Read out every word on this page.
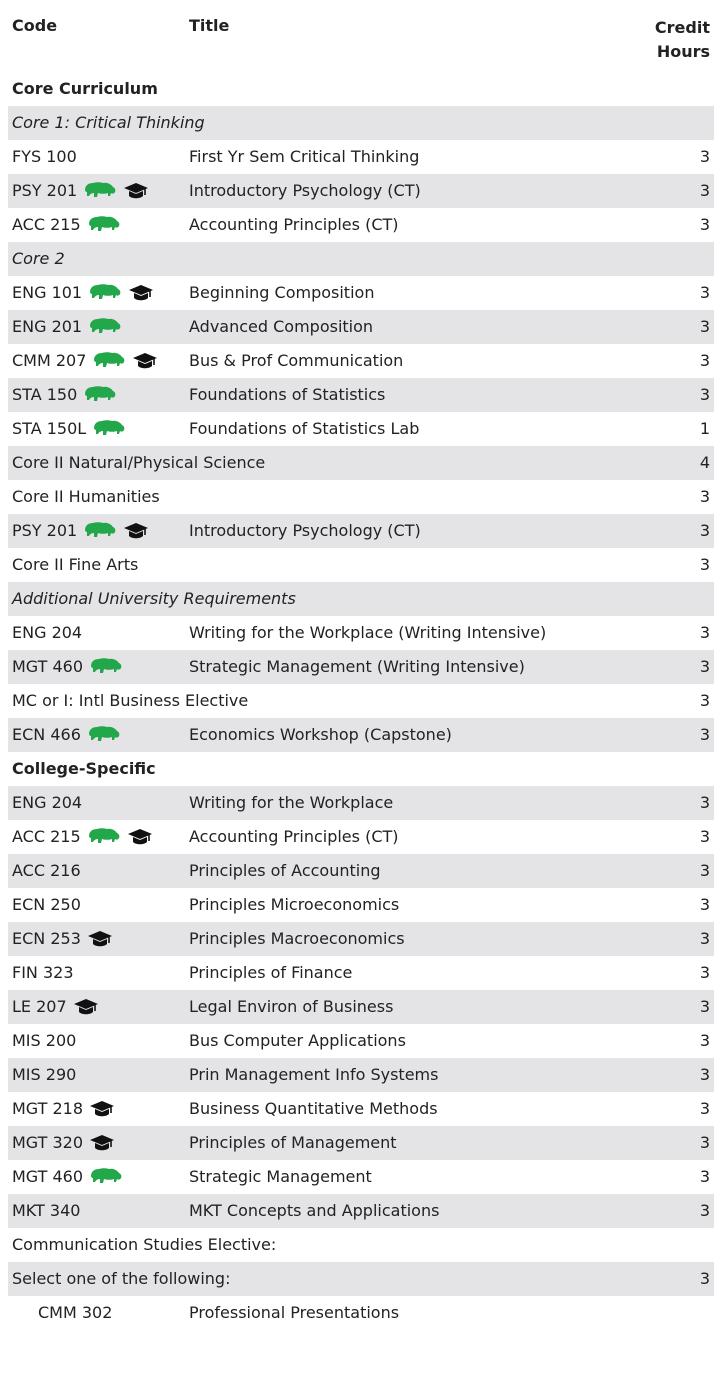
Code	Title	Credit
Hours
Core Curriculum
Core 1: Critical Thinking
FYS 100	First Yr Sem Critical Thinking	3
PSY 201	Introductory Psychology (CT)	3
ACC 215	Accounting Principles (CT)	3
Core 2
ENG 101	Beginning Composition	3
ENG 201	Advanced Composition	3
CMM 207	Bus & Prof Communication	3
STA 150	Foundations of Statistics	3
STA 150L	Foundations of Statistics Lab	1
Core II Natural/Physical Science	4
Core II Humanities	3
PSY 201	Introductory Psychology (CT)	3
Core II Fine Arts	3
Additional University Requirements
ENG 204	Writing for the Workplace (Writing Intensive)	3
MGT 460	Strategic Management (Writing Intensive)	3
MC or I: Intl Business Elective	3
ECN 466	Economics Workshop (Capstone)	3
College-Specific
ENG 204	Writing for the Workplace	3
ACC 215	Accounting Principles (CT)	3
ACC 216	Principles of Accounting	3
ECN 250	Principles Microeconomics	3
ECN 253	Principles Macroeconomics	3
FIN 323	Principles of Finance	3
LE 207	Legal Environ of Business	3
MIS 200	Bus Computer Applications	3
MIS 290	Prin Management Info Systems	3
MGT 218	Business Quantitative Methods	3
MGT 320	Principles of Management	3
MGT 460	Strategic Management	3
MKT 340	MKT Concepts and Applications	3
Communication Studies Elective:
Select one of the following:	3
CMM 302	Professional Presentations
